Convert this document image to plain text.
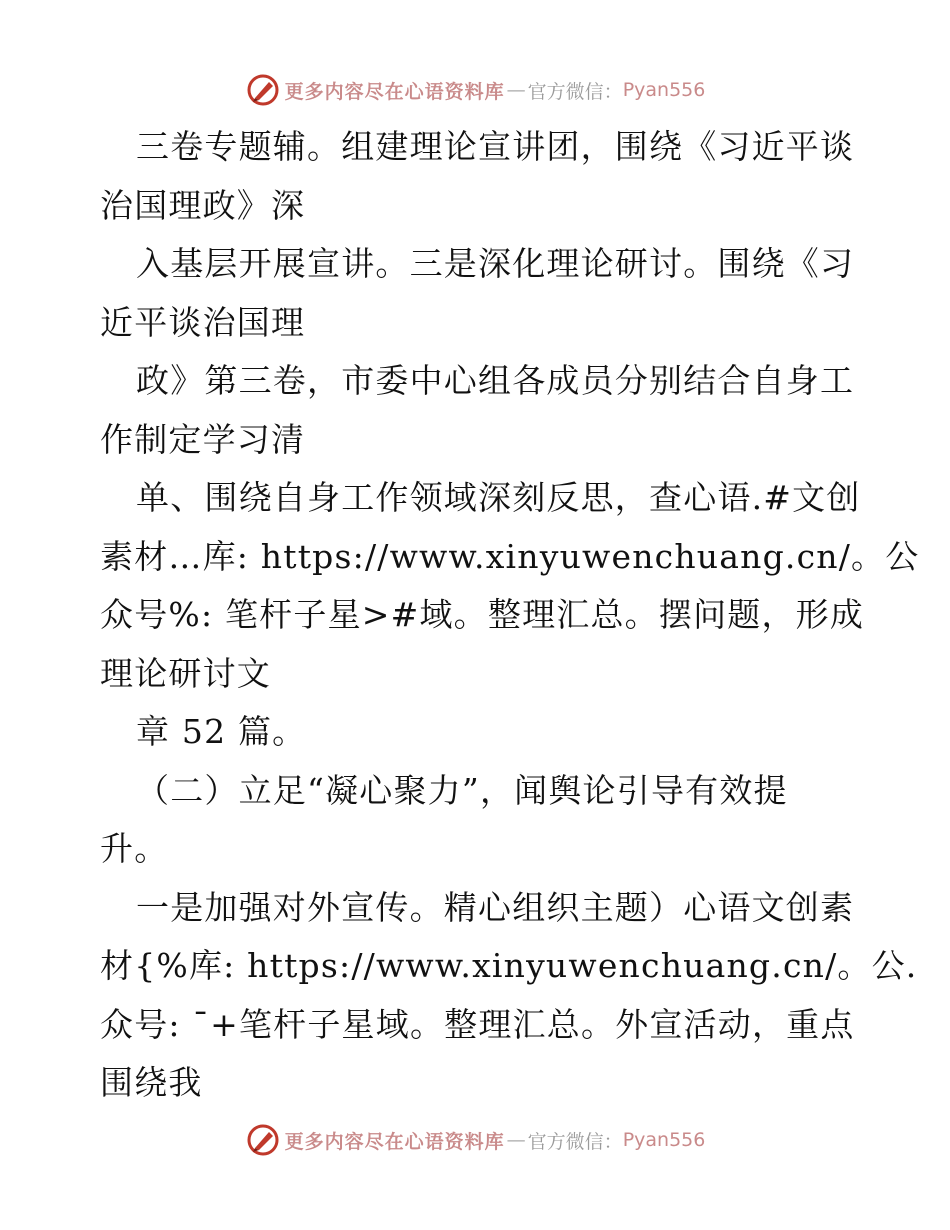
更多内容尽在心语资料库 — 官方微信： Pyan556
三卷专题辅。组建理论宣讲团，围绕《习近平谈
治国理政》深
入基层开展宣讲。三是深化理论研讨。围绕《习
近平谈治国理
政》第三卷，市委中心组各成员分别结合自身工
作制定学习清
单、围绕自身工作领域深刻反思，查心语.#文创
素材…库: https://www.xinyuwenchuang.cn/。公
众号%: 笔杆子星>#域。整理汇总。摆问题，形成
理论研讨文
章 52 篇。
（二）立足“凝心聚力”，闻舆论引导有效提
升。
一是加强对外宣传。精心组织主题）心语文创素
材{%库: https://www.xinyuwenchuang.cn/。公.
众号: ¯+笔杆子星域。整理汇总。外宣活动，重点
围绕我
更多内容尽在心语资料库 — 官方微信： Pyan556
